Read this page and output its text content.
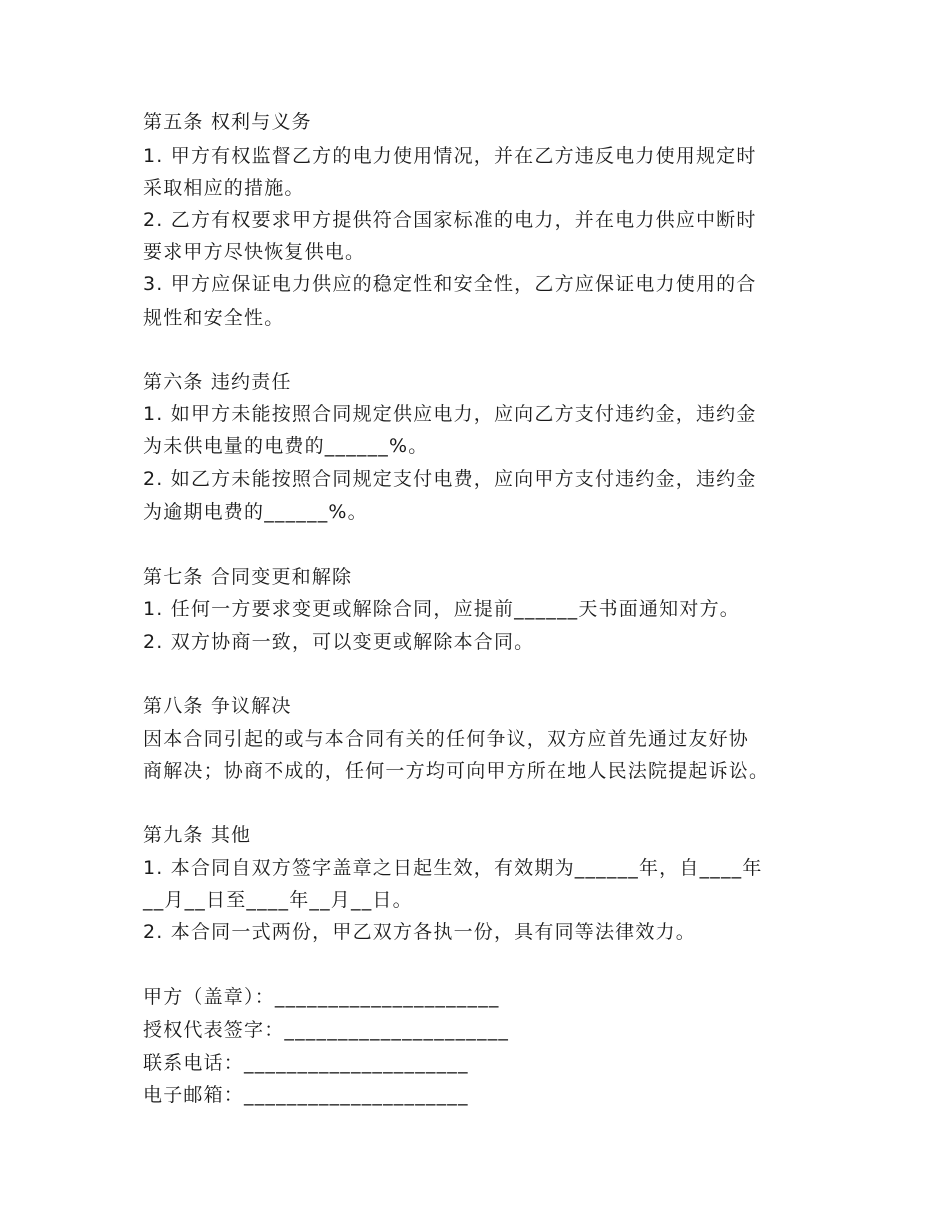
第五条 权利与义务
1. 甲方有权监督乙方的电力使用情况，并在乙方违反电力使用规定时
采取相应的措施。
2. 乙方有权要求甲方提供符合国家标准的电力，并在电力供应中断时
要求甲方尽快恢复供电。
3. 甲方应保证电力供应的稳定性和安全性，乙方应保证电力使用的合
规性和安全性。
第六条 违约责任
1. 如甲方未能按照合同规定供应电力，应向乙方支付违约金，违约金
为未供电量的电费的______%。
2. 如乙方未能按照合同规定支付电费，应向甲方支付违约金，违约金
为逾期电费的______%。
第七条 合同变更和解除
1. 任何一方要求变更或解除合同，应提前______天书面通知对方。
2. 双方协商一致，可以变更或解除本合同。
第八条 争议解决
因本合同引起的或与本合同有关的任何争议，双方应首先通过友好协
商解决；协商不成的，任何一方均可向甲方所在地人民法院提起诉讼。
第九条 其他
1. 本合同自双方签字盖章之日起生效，有效期为______年，自____年
__月__日至____年__月__日。
2. 本合同一式两份，甲乙双方各执一份，具有同等法律效力。
甲方（盖章）：_____________________
授权代表签字：_____________________
联系电话：_____________________
电子邮箱：_____________________
